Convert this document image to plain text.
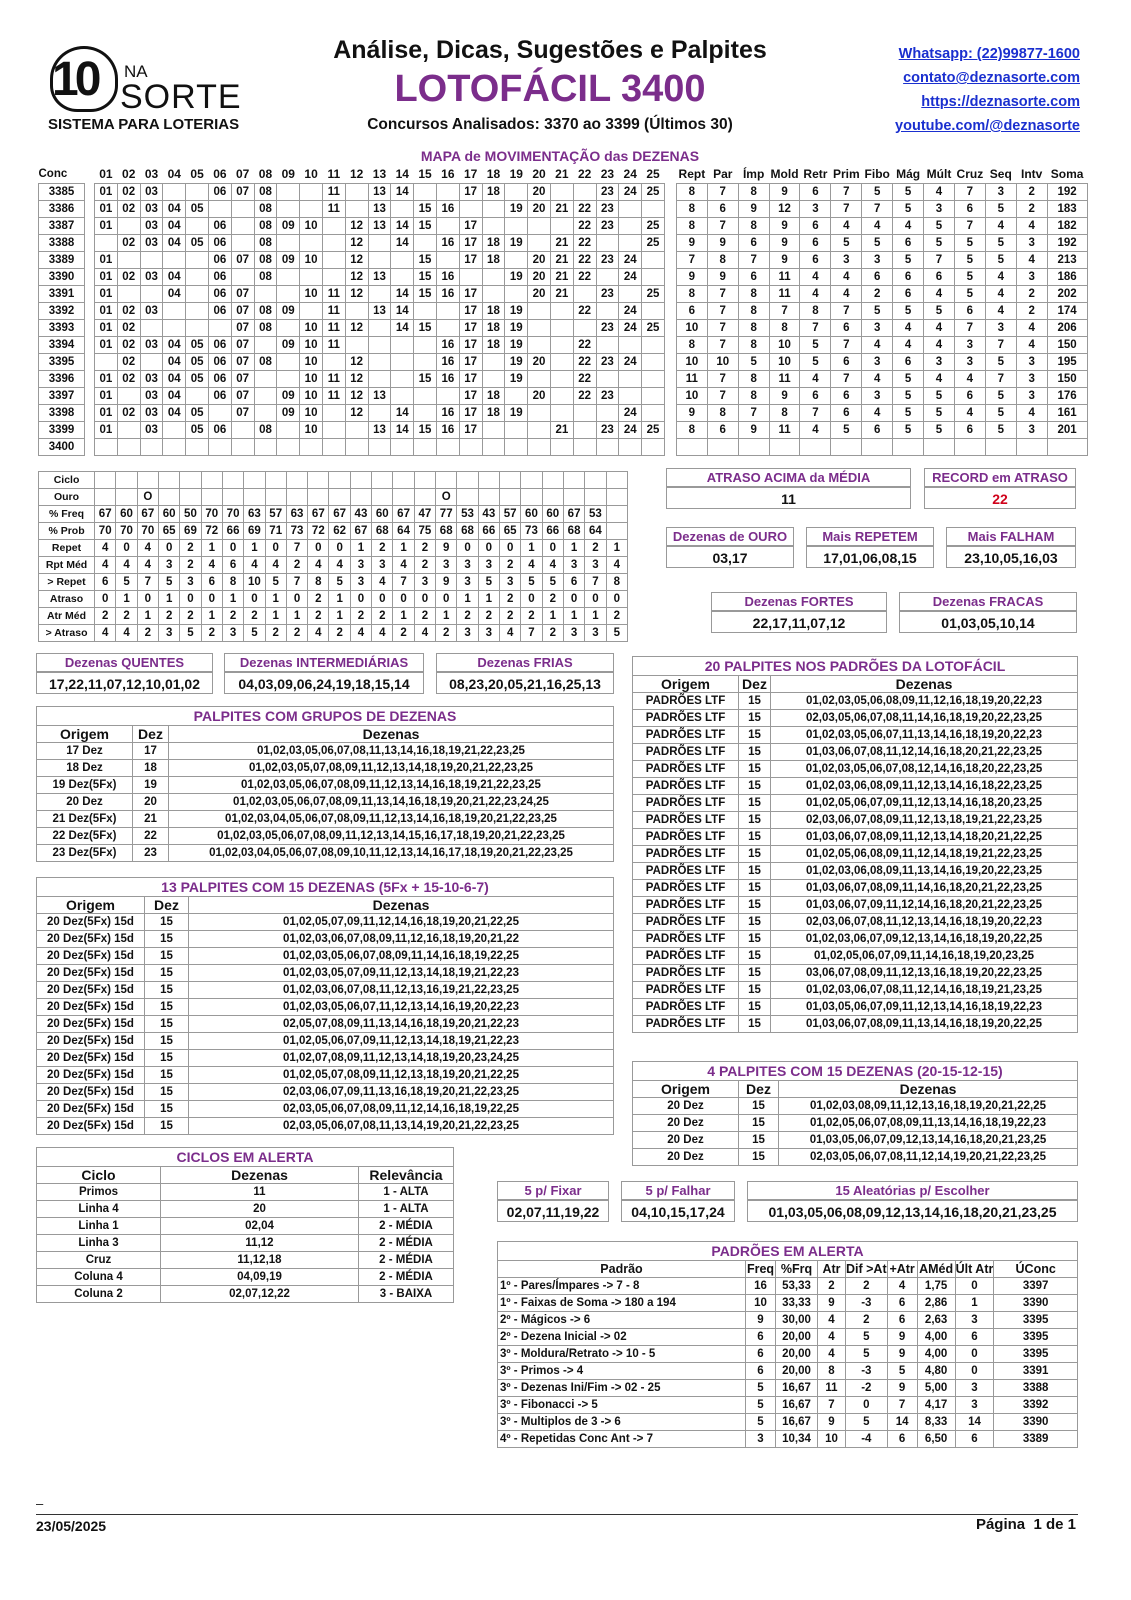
10 NA
SORTE
SISTEMA PARA LOTERIAS
Análise, Dicas, Sugestões e Palpites
LOTOFÁCIL 3400
Concursos Analisados: 3370 ao 3399 (Últimos 30)
Whatsapp: (22)99877-1600
contato@deznasorte.com
https://deznasorte.com
youtube.com/@deznasorte
MAPA de MOVIMENTAÇÃO das DEZENAS
Conc		01	02	03	04	05	06	07	08	09	10	11	12	13	14	15	16	17	18	19	20	21	22	23	24	25		Rept	Par	Ímp	Mold	Retr	Prim	Fibo	Mág	Múlt	Cruz	Seq	Intv	Soma
3385		01	02	03			06	07	08			11		13	14			17	18		20			23	24	25		8	7	8	9	6	7	5	5	4	7	3	2	192
3386		01	02	03	04	05			08			11		13		15	16			19	20	21	22	23				8	6	9	12	3	7	7	5	3	6	5	2	183
3387		01		03	04		06		08	09	10		12	13	14	15		17					22	23		25		8	7	8	9	6	4	4	4	5	7	4	4	182
3388			02	03	04	05	06		08				12		14		16	17	18	19		21	22			25		9	9	6	9	6	5	5	6	5	5	5	3	192
3389		01					06	07	08	09	10		12			15		17	18		20	21	22	23	24			7	8	7	9	6	3	3	5	7	5	5	4	213
3390		01	02	03	04		06		08				12	13		15	16			19	20	21	22		24			9	9	6	11	4	4	6	6	6	5	4	3	186
3391		01			04		06	07			10	11	12		14	15	16	17			20	21		23		25		8	7	8	11	4	4	2	6	4	5	4	2	202
3392		01	02	03			06	07	08	09		11		13	14			17	18	19			22		24			6	7	8	7	8	7	5	5	5	6	4	2	174
3393		01	02					07	08		10	11	12		14	15		17	18	19				23	24	25		10	7	8	8	7	6	3	4	4	7	3	4	206
3394		01	02	03	04	05	06	07		09	10	11					16	17	18	19			22					8	7	8	10	5	7	4	4	4	3	7	4	150
3395			02		04	05	06	07	08		10		12				16	17		19	20		22	23	24			10	10	5	10	5	6	3	6	3	3	5	3	195
3396		01	02	03	04	05	06	07			10	11	12			15	16	17		19			22					11	7	8	11	4	7	4	5	4	4	7	3	150
3397		01		03	04		06	07		09	10	11	12	13				17	18		20		22	23				10	7	8	9	6	6	3	5	5	6	5	3	176
3398		01	02	03	04	05		07		09	10		12		14		16	17	18	19					24			9	8	7	8	7	6	4	5	5	4	5	4	161
3399		01		03		05	06		08		10			13	14	15	16	17				21		23	24	25		8	6	9	11	4	5	6	5	5	6	5	3	201
3400																																								
Ciclo																									
Ouro			O														O								
% Freq	67	60	67	60	50	70	70	63	57	63	67	67	43	60	67	47	77	53	43	57	60	60	67	53	
% Prob	70	70	70	65	69	72	66	69	71	73	72	62	67	68	64	75	68	68	66	65	73	66	68	64	
Repet	4	0	4	0	2	1	0	1	0	7	0	0	1	2	1	2	9	0	0	0	1	0	1	2	1
Rpt Méd	4	4	4	3	2	4	6	4	4	2	4	4	3	3	4	2	3	3	3	2	4	4	3	3	4
> Repet	6	5	7	5	3	6	8	10	5	7	8	5	3	4	7	3	9	3	5	3	5	5	6	7	8
Atraso	0	1	0	1	0	0	1	0	1	0	2	1	0	0	0	0	0	1	1	2	0	2	0	0	0
Atr Méd	2	2	1	2	2	1	2	2	1	1	2	1	2	2	1	2	1	2	2	2	2	1	1	1	2
> Atraso	4	4	2	3	5	2	3	5	2	2	4	2	4	4	2	4	2	3	3	4	7	2	3	3	5
ATRASO ACIMA da MÉDIA
11
RECORD em ATRASO
22
Dezenas de OURO
03,17
Mais REPETEM
17,01,06,08,15
Mais FALHAM
23,10,05,16,03
Dezenas FORTES
22,17,11,07,12
Dezenas FRACAS
01,03,05,10,14
Dezenas QUENTES
17,22,11,07,12,10,01,02
Dezenas INTERMEDIÁRIAS
04,03,09,06,24,19,18,15,14
Dezenas FRIAS
08,23,20,05,21,16,25,13
PALPITES COM GRUPOS DE DEZENAS		
Origem	Dez	Dezenas
17 Dez	17	01,02,03,05,06,07,08,11,13,14,16,18,19,21,22,23,25
18 Dez	18	01,02,03,05,07,08,09,11,12,13,14,18,19,20,21,22,23,25
19 Dez(5Fx)	19	01,02,03,05,06,07,08,09,11,12,13,14,16,18,19,21,22,23,25
20 Dez	20	01,02,03,05,06,07,08,09,11,13,14,16,18,19,20,21,22,23,24,25
21 Dez(5Fx)	21	01,02,03,04,05,06,07,08,09,11,12,13,14,16,18,19,20,21,22,23,25
22 Dez(5Fx)	22	01,02,03,05,06,07,08,09,11,12,13,14,15,16,17,18,19,20,21,22,23,25
23 Dez(5Fx)	23	01,02,03,04,05,06,07,08,09,10,11,12,13,14,16,17,18,19,20,21,22,23,25
13 PALPITES COM 15 DEZENAS (5Fx + 15-10-6-7)		
Origem	Dez	Dezenas
20 Dez(5Fx) 15d	15	01,02,05,07,09,11,12,14,16,18,19,20,21,22,25
20 Dez(5Fx) 15d	15	01,02,03,06,07,08,09,11,12,16,18,19,20,21,22
20 Dez(5Fx) 15d	15	01,02,03,05,06,07,08,09,11,14,16,18,19,22,25
20 Dez(5Fx) 15d	15	01,02,03,05,07,09,11,12,13,14,18,19,21,22,23
20 Dez(5Fx) 15d	15	01,02,03,06,07,08,11,12,13,16,19,21,22,23,25
20 Dez(5Fx) 15d	15	01,02,03,05,06,07,11,12,13,14,16,19,20,22,23
20 Dez(5Fx) 15d	15	02,05,07,08,09,11,13,14,16,18,19,20,21,22,23
20 Dez(5Fx) 15d	15	01,02,05,06,07,09,11,12,13,14,18,19,21,22,23
20 Dez(5Fx) 15d	15	01,02,07,08,09,11,12,13,14,18,19,20,23,24,25
20 Dez(5Fx) 15d	15	01,02,05,07,08,09,11,12,13,18,19,20,21,22,25
20 Dez(5Fx) 15d	15	02,03,06,07,09,11,13,16,18,19,20,21,22,23,25
20 Dez(5Fx) 15d	15	02,03,05,06,07,08,09,11,12,14,16,18,19,22,25
20 Dez(5Fx) 15d	15	02,03,05,06,07,08,11,13,14,19,20,21,22,23,25
CICLOS EM ALERTA		
Ciclo	Dezenas	Relevância
Primos	11	1 - ALTA
Linha 4	20	1 - ALTA
Linha 1	02,04	2 - MÉDIA
Linha 3	11,12	2 - MÉDIA
Cruz	11,12,18	2 - MÉDIA
Coluna 4	04,09,19	2 - MÉDIA
Coluna 2	02,07,12,22	3 - BAIXA
20 PALPITES NOS PADRÕES DA LOTOFÁCIL		
Origem	Dez	Dezenas
PADRÕES LTF	15	01,02,03,05,06,08,09,11,12,16,18,19,20,22,23
PADRÕES LTF	15	02,03,05,06,07,08,11,14,16,18,19,20,22,23,25
PADRÕES LTF	15	01,02,03,05,06,07,11,13,14,16,18,19,20,22,23
PADRÕES LTF	15	01,03,06,07,08,11,12,14,16,18,20,21,22,23,25
PADRÕES LTF	15	01,02,03,05,06,07,08,12,14,16,18,20,22,23,25
PADRÕES LTF	15	01,02,03,06,08,09,11,12,13,14,16,18,22,23,25
PADRÕES LTF	15	01,02,05,06,07,09,11,12,13,14,16,18,20,23,25
PADRÕES LTF	15	02,03,06,07,08,09,11,12,13,18,19,21,22,23,25
PADRÕES LTF	15	01,03,06,07,08,09,11,12,13,14,18,20,21,22,25
PADRÕES LTF	15	01,02,05,06,08,09,11,12,14,18,19,21,22,23,25
PADRÕES LTF	15	01,02,03,06,08,09,11,13,14,16,19,20,22,23,25
PADRÕES LTF	15	01,03,06,07,08,09,11,14,16,18,20,21,22,23,25
PADRÕES LTF	15	01,03,06,07,09,11,12,14,16,18,20,21,22,23,25
PADRÕES LTF	15	02,03,06,07,08,11,12,13,14,16,18,19,20,22,23
PADRÕES LTF	15	01,02,03,06,07,09,12,13,14,16,18,19,20,22,25
PADRÕES LTF	15	01,02,05,06,07,09,11,14,16,18,19,20,23,25
PADRÕES LTF	15	03,06,07,08,09,11,12,13,16,18,19,20,22,23,25
PADRÕES LTF	15	01,02,03,06,07,08,11,12,14,16,18,19,21,23,25
PADRÕES LTF	15	01,03,05,06,07,09,11,12,13,14,16,18,19,22,23
PADRÕES LTF	15	01,03,06,07,08,09,11,13,14,16,18,19,20,22,25
4 PALPITES COM 15 DEZENAS (20-15-12-15)		
Origem	Dez	Dezenas
20 Dez	15	01,02,03,08,09,11,12,13,16,18,19,20,21,22,25
20 Dez	15	01,02,05,06,07,08,09,11,13,14,16,18,19,22,23
20 Dez	15	01,03,05,06,07,09,12,13,14,16,18,20,21,23,25
20 Dez	15	02,03,05,06,07,08,11,12,14,19,20,21,22,23,25
5 p/ Fixar
02,07,11,19,22
5 p/ Falhar
04,10,15,17,24
15 Aleatórias p/ Escolher
01,03,05,06,08,09,12,13,14,16,18,20,21,23,25
PADRÕES EM ALERTA								
Padrão	Freq	%Frq	Atr	Dif >At	+Atr	AMéd	Últ Atr	ÚConc
1º - Pares/Ímpares -> 7 - 8	16	53,33	2	2	4	1,75	0	3397
1º - Faixas de Soma -> 180 a 194	10	33,33	9	-3	6	2,86	1	3390
2º - Mágicos -> 6	9	30,00	4	2	6	2,63	3	3395
2º - Dezena Inicial -> 02	6	20,00	4	5	9	4,00	6	3395
3º - Moldura/Retrato -> 10 - 5	6	20,00	4	5	9	4,00	0	3395
3º - Primos -> 4	6	20,00	8	-3	5	4,80	0	3391
3º - Dezenas Ini/Fim -> 02 - 25	5	16,67	11	-2	9	5,00	3	3388
3º - Fibonacci -> 5	5	16,67	7	0	7	4,17	3	3392
3º - Multiplos de 3 -> 6	5	16,67	9	5	14	8,33	14	3390
4º - Repetidas Conc Ant -> 7	3	10,34	10	-4	6	6,50	6	3389
–
23/05/2025	Página  1 de 1
